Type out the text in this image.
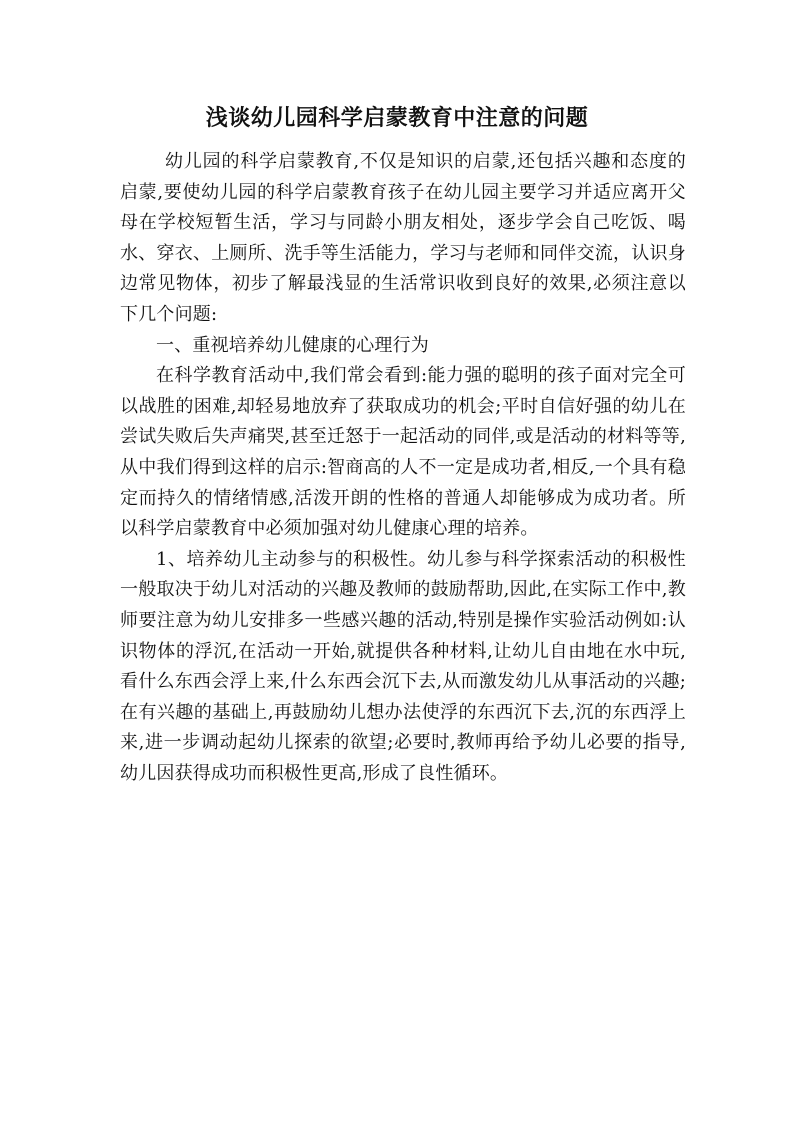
浅谈幼儿园科学启蒙教育中注意的问题

幼儿园的科学启蒙教育,不仅是知识的启蒙,还包括兴趣和态度的启蒙,要使幼儿园的科学启蒙教育孩子在幼儿园主要学习并适应离开父母在学校短暂生活，学习与同龄小朋友相处，逐步学会自己吃饭、喝水、穿衣、上厕所、洗手等生活能力，学习与老师和同伴交流，认识身边常见物体，初步了解最浅显的生活常识收到良好的效果,必须注意以下几个问题:

一、重视培养幼儿健康的心理行为

在科学教育活动中,我们常会看到:能力强的聪明的孩子面对完全可以战胜的困难,却轻易地放弃了获取成功的机会;平时自信好强的幼儿在尝试失败后失声痛哭,甚至迁怒于一起活动的同伴,或是活动的材料等等,从中我们得到这样的启示:智商高的人不一定是成功者,相反,一个具有稳定而持久的情绪情感,活泼开朗的性格的普通人却能够成为成功者。所以科学启蒙教育中必须加强对幼儿健康心理的培养。

1、培养幼儿主动参与的积极性。幼儿参与科学探索活动的积极性一般取决于幼儿对活动的兴趣及教师的鼓励帮助,因此,在实际工作中,教师要注意为幼儿安排多一些感兴趣的活动,特别是操作实验活动例如:认识物体的浮沉,在活动一开始,就提供各种材料,让幼儿自由地在水中玩,看什么东西会浮上来,什么东西会沉下去,从而激发幼儿从事活动的兴趣;在有兴趣的基础上,再鼓励幼儿想办法使浮的东西沉下去,沉的东西浮上来,进一步调动起幼儿探索的欲望;必要时,教师再给予幼儿必要的指导,幼儿因获得成功而积极性更高,形成了良性循环。
